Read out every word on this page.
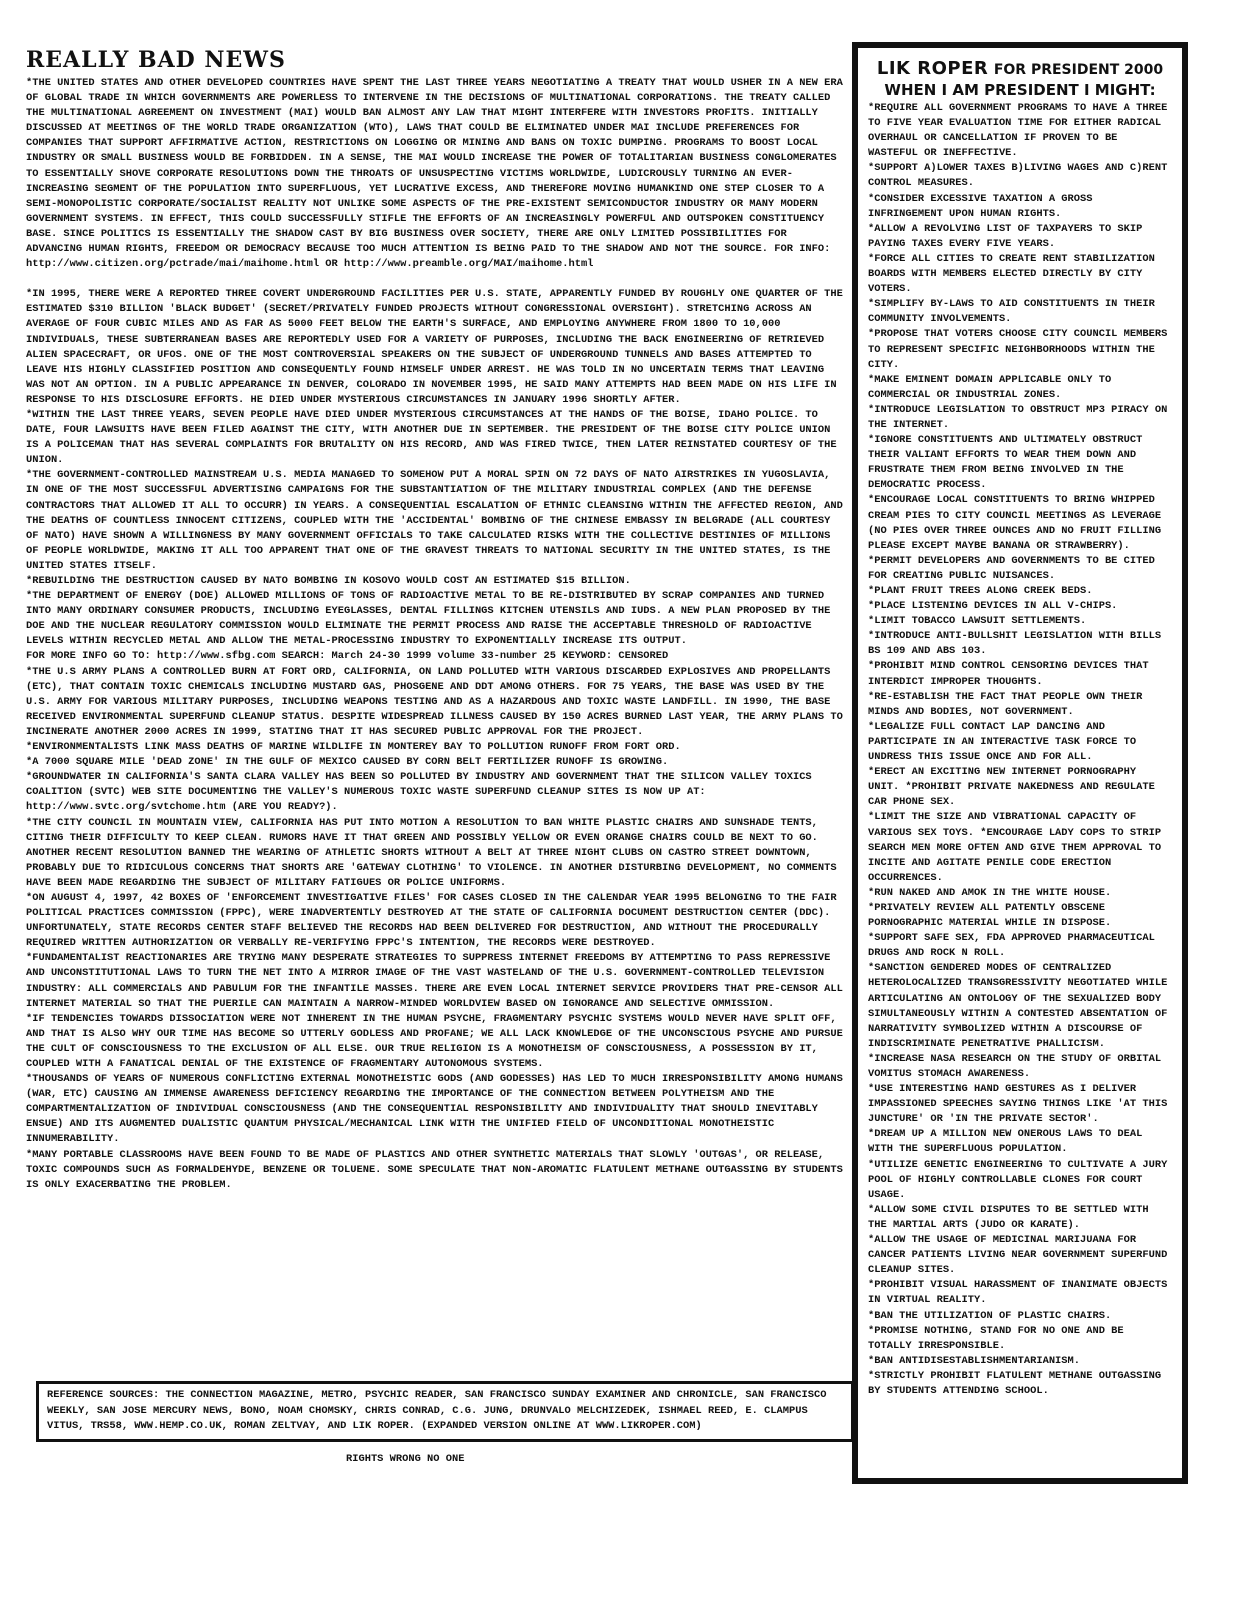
REALLY BAD NEWS

*THE UNITED STATES AND OTHER DEVELOPED COUNTRIES HAVE SPENT THE LAST THREE YEARS NEGOTIATING A TREATY THAT WOULD USHER IN A NEW ERA OF GLOBAL TRADE IN WHICH GOVERNMENTS ARE POWERLESS TO INTERVENE IN THE DECISIONS OF MULTINATIONAL CORPORATIONS. THE TREATY CALLED THE MULTINATIONAL AGREEMENT ON INVESTMENT (MAI) WOULD BAN ALMOST ANY LAW THAT MIGHT INTERFERE WITH INVESTORS PROFITS. INITIALLY DISCUSSED AT MEETINGS OF THE WORLD TRADE ORGANIZATION (WTO), LAWS THAT COULD BE ELIMINATED UNDER MAI INCLUDE PREFERENCES FOR COMPANIES THAT SUPPORT AFFIRMATIVE ACTION, RESTRICTIONS ON LOGGING OR MINING AND BANS ON TOXIC DUMPING. PROGRAMS TO BOOST LOCAL INDUSTRY OR SMALL BUSINESS WOULD BE FORBIDDEN. IN A SENSE, THE MAI WOULD INCREASE THE POWER OF TOTALITARIAN BUSINESS CONGLOMERATES TO ESSENTIALLY SHOVE CORPORATE RESOLUTIONS DOWN THE THROATS OF UNSUSPECTING VICTIMS WORLDWIDE, LUDICROUSLY TURNING AN EVER-INCREASING SEGMENT OF THE POPULATION INTO SUPERFLUOUS, YET LUCRATIVE EXCESS, AND THEREFORE MOVING HUMANKIND ONE STEP CLOSER TO A SEMI-MONOPOLISTIC CORPORATE/SOCIALIST REALITY NOT UNLIKE SOME ASPECTS OF THE PRE-EXISTENT SEMICONDUCTOR INDUSTRY OR MANY MODERN GOVERNMENT SYSTEMS. IN EFFECT, THIS COULD SUCCESSFULLY STIFLE THE EFFORTS OF AN INCREASINGLY POWERFUL AND OUTSPOKEN CONSTITUENCY BASE. SINCE POLITICS IS ESSENTIALLY THE SHADOW CAST BY BIG BUSINESS OVER SOCIETY, THERE ARE ONLY LIMITED POSSIBILITIES FOR ADVANCING HUMAN RIGHTS, FREEDOM OR DEMOCRACY BECAUSE TOO MUCH ATTENTION IS BEING PAID TO THE SHADOW AND NOT THE SOURCE. FOR INFO: http://www.citizen.org/pctrade/mai/maihome.html OR http://www.preamble.org/MAI/maihome.html

*IN 1995, THERE WERE A REPORTED THREE COVERT UNDERGROUND FACILITIES PER U.S. STATE, APPARENTLY FUNDED BY ROUGHLY ONE QUARTER OF THE ESTIMATED $310 BILLION 'BLACK BUDGET' (SECRET/PRIVATELY FUNDED PROJECTS WITHOUT CONGRESSIONAL OVERSIGHT). STRETCHING ACROSS AN AVERAGE OF FOUR CUBIC MILES AND AS FAR AS 5000 FEET BELOW THE EARTH'S SURFACE, AND EMPLOYING ANYWHERE FROM 1800 TO 10,000 INDIVIDUALS, THESE SUBTERRANEAN BASES ARE REPORTEDLY USED FOR A VARIETY OF PURPOSES, INCLUDING THE BACK ENGINEERING OF RETRIEVED ALIEN SPACECRAFT, OR UFOS. ONE OF THE MOST CONTROVERSIAL SPEAKERS ON THE SUBJECT OF UNDERGROUND TUNNELS AND BASES ATTEMPTED TO LEAVE HIS HIGHLY CLASSIFIED POSITION AND CONSEQUENTLY FOUND HIMSELF UNDER ARREST. HE WAS TOLD IN NO UNCERTAIN TERMS THAT LEAVING WAS NOT AN OPTION. IN A PUBLIC APPEARANCE IN DENVER, COLORADO IN NOVEMBER 1995, HE SAID MANY ATTEMPTS HAD BEEN MADE ON HIS LIFE IN RESPONSE TO HIS DISCLOSURE EFFORTS. HE DIED UNDER MYSTERIOUS CIRCUMSTANCES IN JANUARY 1996 SHORTLY AFTER.

*WITHIN THE LAST THREE YEARS, SEVEN PEOPLE HAVE DIED UNDER MYSTERIOUS CIRCUMSTANCES AT THE HANDS OF THE BOISE, IDAHO POLICE. TO DATE, FOUR LAWSUITS HAVE BEEN FILED AGAINST THE CITY, WITH ANOTHER DUE IN SEPTEMBER. THE PRESIDENT OF THE BOISE CITY POLICE UNION IS A POLICEMAN THAT HAS SEVERAL COMPLAINTS FOR BRUTALITY ON HIS RECORD, AND WAS FIRED TWICE, THEN LATER REINSTATED COURTESY OF THE UNION.

*THE GOVERNMENT-CONTROLLED MAINSTREAM U.S. MEDIA MANAGED TO SOMEHOW PUT A MORAL SPIN ON 72 DAYS OF NATO AIRSTRIKES IN YUGOSLAVIA, IN ONE OF THE MOST SUCCESSFUL ADVERTISING CAMPAIGNS FOR THE SUBSTANTIATION OF THE MILITARY INDUSTRIAL COMPLEX (AND THE DEFENSE CONTRACTORS THAT ALLOWED IT ALL TO OCCURR) IN YEARS. A CONSEQUENTIAL ESCALATION OF ETHNIC CLEANSING WITHIN THE AFFECTED REGION, AND THE DEATHS OF COUNTLESS INNOCENT CITIZENS, COUPLED WITH THE 'ACCIDENTAL' BOMBING OF THE CHINESE EMBASSY IN BELGRADE (ALL COURTESY OF NATO) HAVE SHOWN A WILLINGNESS BY MANY GOVERNMENT OFFICIALS TO TAKE CALCULATED RISKS WITH THE COLLECTIVE DESTINIES OF MILLIONS OF PEOPLE WORLDWIDE, MAKING IT ALL TOO APPARENT THAT ONE OF THE GRAVEST THREATS TO NATIONAL SECURITY IN THE UNITED STATES, IS THE UNITED STATES ITSELF.

*REBUILDING THE DESTRUCTION CAUSED BY NATO BOMBING IN KOSOVO WOULD COST AN ESTIMATED $15 BILLION.

*THE DEPARTMENT OF ENERGY (DOE) ALLOWED MILLIONS OF TONS OF RADIOACTIVE METAL TO BE RE-DISTRIBUTED BY SCRAP COMPANIES AND TURNED INTO MANY ORDINARY CONSUMER PRODUCTS, INCLUDING EYEGLASSES, DENTAL FILLINGS KITCHEN UTENSILS AND IUDS. A NEW PLAN PROPOSED BY THE DOE AND THE NUCLEAR REGULATORY COMMISSION WOULD ELIMINATE THE PERMIT PROCESS AND RAISE THE ACCEPTABLE THRESHOLD OF RADIOACTIVE LEVELS WITHIN RECYCLED METAL AND ALLOW THE METAL-PROCESSING INDUSTRY TO EXPONENTIALLY INCREASE ITS OUTPUT.

FOR MORE INFO GO TO: http://www.sfbg.com SEARCH: March 24-30 1999 volume 33-number 25 KEYWORD: CENSORED

*THE U.S ARMY PLANS A CONTROLLED BURN AT FORT ORD, CALIFORNIA, ON LAND POLLUTED WITH VARIOUS DISCARDED EXPLOSIVES AND PROPELLANTS (ETC), THAT CONTAIN TOXIC CHEMICALS INCLUDING MUSTARD GAS, PHOSGENE AND DDT AMONG OTHERS. FOR 75 YEARS, THE BASE WAS USED BY THE U.S. ARMY FOR VARIOUS MILITARY PURPOSES, INCLUDING WEAPONS TESTING AND AS A HAZARDOUS AND TOXIC WASTE LANDFILL. IN 1990, THE BASE RECEIVED ENVIRONMENTAL SUPERFUND CLEANUP STATUS. DESPITE WIDESPREAD ILLNESS CAUSED BY 150 ACRES BURNED LAST YEAR, THE ARMY PLANS TO INCINERATE ANOTHER 2000 ACRES IN 1999, STATING THAT IT HAS SECURED PUBLIC APPROVAL FOR THE PROJECT.

*ENVIRONMENTALISTS LINK MASS DEATHS OF MARINE WILDLIFE IN MONTEREY BAY TO POLLUTION RUNOFF FROM FORT ORD.

*A 7000 SQUARE MILE 'DEAD ZONE' IN THE GULF OF MEXICO CAUSED BY CORN BELT FERTILIZER RUNOFF IS GROWING.

*GROUNDWATER IN CALIFORNIA'S SANTA CLARA VALLEY HAS BEEN SO POLLUTED BY INDUSTRY AND GOVERNMENT THAT THE SILICON VALLEY TOXICS COALITION (SVTC) WEB SITE DOCUMENTING THE VALLEY'S NUMEROUS TOXIC WASTE SUPERFUND CLEANUP SITES IS NOW UP AT: http://www.svtc.org/svtchome.htm (ARE YOU READY?).

*THE CITY COUNCIL IN MOUNTAIN VIEW, CALIFORNIA HAS PUT INTO MOTION A RESOLUTION TO BAN WHITE PLASTIC CHAIRS AND SUNSHADE TENTS, CITING THEIR DIFFICULTY TO KEEP CLEAN. RUMORS HAVE IT THAT GREEN AND POSSIBLY YELLOW OR EVEN ORANGE CHAIRS COULD BE NEXT TO GO. ANOTHER RECENT RESOLUTION BANNED THE WEARING OF ATHLETIC SHORTS WITHOUT A BELT AT THREE NIGHT CLUBS ON CASTRO STREET DOWNTOWN, PROBABLY DUE TO RIDICULOUS CONCERNS THAT SHORTS ARE 'GATEWAY CLOTHING' TO VIOLENCE. IN ANOTHER DISTURBING DEVELOPMENT, NO COMMENTS HAVE BEEN MADE REGARDING THE SUBJECT OF MILITARY FATIGUES OR POLICE UNIFORMS.

*ON AUGUST 4, 1997, 42 BOXES OF 'ENFORCEMENT INVESTIGATIVE FILES' FOR CASES CLOSED IN THE CALENDAR YEAR 1995 BELONGING TO THE FAIR POLITICAL PRACTICES COMMISSION (FPPC), WERE INADVERTENTLY DESTROYED AT THE STATE OF CALIFORNIA DOCUMENT DESTRUCTION CENTER (DDC). UNFORTUNATELY, STATE RECORDS CENTER STAFF BELIEVED THE RECORDS HAD BEEN DELIVERED FOR DESTRUCTION, AND WITHOUT THE PROCEDURALLY REQUIRED WRITTEN AUTHORIZATION OR VERBALLY RE-VERIFYING FPPC'S INTENTION, THE RECORDS WERE DESTROYED.

*FUNDAMENTALIST REACTIONARIES ARE TRYING MANY DESPERATE STRATEGIES TO SUPPRESS INTERNET FREEDOMS BY ATTEMPTING TO PASS REPRESSIVE AND UNCONSTITUTIONAL LAWS TO TURN THE NET INTO A MIRROR IMAGE OF THE VAST WASTELAND OF THE U.S. GOVERNMENT-CONTROLLED TELEVISION INDUSTRY: ALL COMMERCIALS AND PABULUM FOR THE INFANTILE MASSES. THERE ARE EVEN LOCAL INTERNET SERVICE PROVIDERS THAT PRE-CENSOR ALL INTERNET MATERIAL SO THAT THE PUERILE CAN MAINTAIN A NARROW-MINDED WORLDVIEW BASED ON IGNORANCE AND SELECTIVE OMMISSION.

*IF TENDENCIES TOWARDS DISSOCIATION WERE NOT INHERENT IN THE HUMAN PSYCHE, FRAGMENTARY PSYCHIC SYSTEMS WOULD NEVER HAVE SPLIT OFF, AND THAT IS ALSO WHY OUR TIME HAS BECOME SO UTTERLY GODLESS AND PROFANE; WE ALL LACK KNOWLEDGE OF THE UNCONSCIOUS PSYCHE AND PURSUE THE CULT OF CONSCIOUSNESS TO THE EXCLUSION OF ALL ELSE. OUR TRUE RELIGION IS A MONOTHEISM OF CONSCIOUSNESS, A POSSESSION BY IT, COUPLED WITH A FANATICAL DENIAL OF THE EXISTENCE OF FRAGMENTARY AUTONOMOUS SYSTEMS.

*THOUSANDS OF YEARS OF NUMEROUS CONFLICTING EXTERNAL MONOTHEISTIC GODS (AND GODESSES) HAS LED TO MUCH IRRESPONSIBILITY AMONG HUMANS (WAR, ETC) CAUSING AN IMMENSE AWARENESS DEFICIENCY REGARDING THE IMPORTANCE OF THE CONNECTION BETWEEN POLYTHEISM AND THE COMPARTMENTALIZATION OF INDIVIDUAL CONSCIOUSNESS (AND THE CONSEQUENTIAL RESPONSIBILITY AND INDIVIDUALITY THAT SHOULD INEVITABLY ENSUE) AND ITS AUGMENTED DUALISTIC QUANTUM PHYSICAL/MECHANICAL LINK WITH THE UNIFIED FIELD OF UNCONDITIONAL MONOTHEISTIC INNUMERABILITY.

*MANY PORTABLE CLASSROOMS HAVE BEEN FOUND TO BE MADE OF PLASTICS AND OTHER SYNTHETIC MATERIALS THAT SLOWLY 'OUTGAS', OR RELEASE, TOXIC COMPOUNDS SUCH AS FORMALDEHYDE, BENZENE OR TOLUENE. SOME SPECULATE THAT NON-AROMATIC FLATULENT METHANE OUTGASSING BY STUDENTS IS ONLY EXACERBATING THE PROBLEM.

REFERENCE SOURCES: THE CONNECTION MAGAZINE, METRO, PSYCHIC READER, SAN FRANCISCO SUNDAY EXAMINER AND CHRONICLE, SAN FRANCISCO WEEKLY, SAN JOSE MERCURY NEWS, BONO, NOAM CHOMSKY, CHRIS CONRAD, C.G. JUNG, DRUNVALO MELCHIZEDEK, ISHMAEL REED, E. CLAMPUS VITUS, TRS58, WWW.HEMP.CO.UK, ROMAN ZELTVAY, AND LIK ROPER. (EXPANDED VERSION ONLINE AT WWW.LIKROPER.COM)
RIGHTS WRONG NO ONE
LIK ROPER FOR PRESIDENT 2000
WHEN I AM PRESIDENT I MIGHT:
*REQUIRE ALL GOVERNMENT PROGRAMS TO HAVE A THREE TO FIVE YEAR EVALUATION TIME FOR EITHER RADICAL OVERHAUL OR CANCELLATION IF PROVEN TO BE WASTEFUL OR INEFFECTIVE.
*SUPPORT A)LOWER TAXES B)LIVING WAGES AND C)RENT CONTROL MEASURES.
*CONSIDER EXCESSIVE TAXATION A GROSS INFRINGEMENT UPON HUMAN RIGHTS.
*ALLOW A REVOLVING LIST OF TAXPAYERS TO SKIP PAYING TAXES EVERY FIVE YEARS.
*FORCE ALL CITIES TO CREATE RENT STABILIZATION BOARDS WITH MEMBERS ELECTED DIRECTLY BY CITY VOTERS.
*SIMPLIFY BY-LAWS TO AID CONSTITUENTS IN THEIR COMMUNITY INVOLVEMENTS.
*PROPOSE THAT VOTERS CHOOSE CITY COUNCIL MEMBERS TO REPRESENT SPECIFIC NEIGHBORHOODS WITHIN THE CITY.
*MAKE EMINENT DOMAIN APPLICABLE ONLY TO COMMERCIAL OR INDUSTRIAL ZONES.
*INTRODUCE LEGISLATION TO OBSTRUCT MP3 PIRACY ON THE INTERNET.
*IGNORE CONSTITUENTS AND ULTIMATELY OBSTRUCT THEIR VALIANT EFFORTS TO WEAR THEM DOWN AND FRUSTRATE THEM FROM BEING INVOLVED IN THE DEMOCRATIC PROCESS.
*ENCOURAGE LOCAL CONSTITUENTS TO BRING WHIPPED CREAM PIES TO CITY COUNCIL MEETINGS AS LEVERAGE (NO PIES OVER THREE OUNCES AND NO FRUIT FILLING PLEASE EXCEPT MAYBE BANANA OR STRAWBERRY).
*PERMIT DEVELOPERS AND GOVERNMENTS TO BE CITED FOR CREATING PUBLIC NUISANCES.
*PLANT FRUIT TREES ALONG CREEK BEDS.
*PLACE LISTENING DEVICES IN ALL V-CHIPS.
*LIMIT TOBACCO LAWSUIT SETTLEMENTS.
*INTRODUCE ANTI-BULLSHIT LEGISLATION WITH BILLS BS 109 AND ABS 103.
*PROHIBIT MIND CONTROL CENSORING DEVICES THAT INTERDICT IMPROPER THOUGHTS.
*RE-ESTABLISH THE FACT THAT PEOPLE OWN THEIR MINDS AND BODIES, NOT GOVERNMENT.
*LEGALIZE FULL CONTACT LAP DANCING AND PARTICIPATE IN AN INTERACTIVE TASK FORCE TO UNDRESS THIS ISSUE ONCE AND FOR ALL.
*ERECT AN EXCITING NEW INTERNET PORNOGRAPHY UNIT. *PROHIBIT PRIVATE NAKEDNESS AND REGULATE CAR PHONE SEX.
*LIMIT THE SIZE AND VIBRATIONAL CAPACITY OF VARIOUS SEX TOYS. *ENCOURAGE LADY COPS TO STRIP SEARCH MEN MORE OFTEN AND GIVE THEM APPROVAL TO INCITE AND AGITATE PENILE CODE ERECTION OCCURRENCES.
*RUN NAKED AND AMOK IN THE WHITE HOUSE.
*PRIVATELY REVIEW ALL PATENTLY OBSCENE PORNOGRAPHIC MATERIAL WHILE IN DISPOSE.
*SUPPORT SAFE SEX, FDA APPROVED PHARMACEUTICAL DRUGS AND ROCK N ROLL.
*SANCTION GENDERED MODES OF CENTRALIZED HETEROLOCALIZED TRANSGRESSIVITY NEGOTIATED WHILE ARTICULATING AN ONTOLOGY OF THE SEXUALIZED BODY SIMULTANEOUSLY WITHIN A CONTESTED ABSENTATION OF NARRATIVITY SYMBOLIZED WITHIN A DISCOURSE OF INDISCRIMINATE PENETRATIVE PHALLICISM.
*INCREASE NASA RESEARCH ON THE STUDY OF ORBITAL VOMITUS STOMACH AWARENESS.
*USE INTERESTING HAND GESTURES AS I DELIVER IMPASSIONED SPEECHES SAYING THINGS LIKE 'AT THIS JUNCTURE' OR 'IN THE PRIVATE SECTOR'.
*DREAM UP A MILLION NEW ONEROUS LAWS TO DEAL WITH THE SUPERFLUOUS POPULATION.
*UTILIZE GENETIC ENGINEERING TO CULTIVATE A JURY POOL OF HIGHLY CONTROLLABLE CLONES FOR COURT USAGE.
*ALLOW SOME CIVIL DISPUTES TO BE SETTLED WITH THE MARTIAL ARTS (JUDO OR KARATE).
*ALLOW THE USAGE OF MEDICINAL MARIJUANA FOR CANCER PATIENTS LIVING NEAR GOVERNMENT SUPERFUND CLEANUP SITES.
*PROHIBIT VISUAL HARASSMENT OF INANIMATE OBJECTS IN VIRTUAL REALITY.
*BAN THE UTILIZATION OF PLASTIC CHAIRS.
*PROMISE NOTHING, STAND FOR NO ONE AND BE TOTALLY IRRESPONSIBLE.
*BAN ANTIDISESTABLISHMENTARIANISM.
*STRICTLY PROHIBIT FLATULENT METHANE OUTGASSING BY STUDENTS ATTENDING SCHOOL.
